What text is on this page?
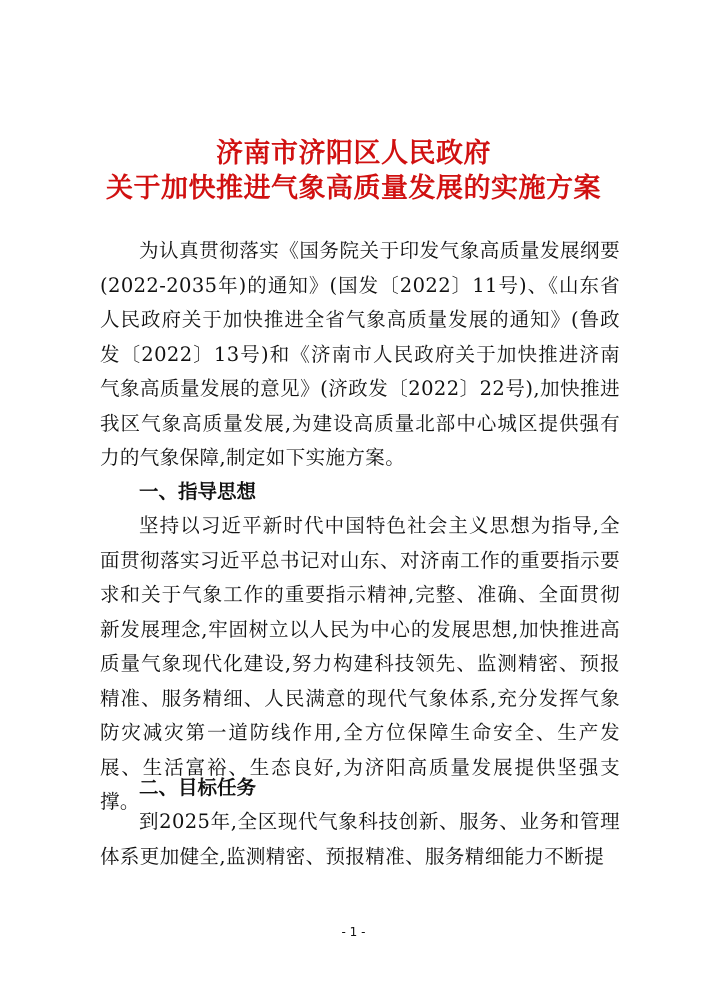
济南市济阳区人民政府
关于加快推进气象高质量发展的实施方案

为认真贯彻落实《国务院关于印发气象高质量发展纲要(2022-2035年)的通知》(国发〔2022〕11号)、《山东省人民政府关于加快推进全省气象高质量发展的通知》(鲁政发〔2022〕13号)和《济南市人民政府关于加快推进济南气象高质量发展的意见》(济政发〔2022〕22号),加快推进我区气象高质量发展,为建设高质量北部中心城区提供强有力的气象保障,制定如下实施方案。

一、指导思想

坚持以习近平新时代中国特色社会主义思想为指导,全面贯彻落实习近平总书记对山东、对济南工作的重要指示要求和关于气象工作的重要指示精神,完整、准确、全面贯彻新发展理念,牢固树立以人民为中心的发展思想,加快推进高质量气象现代化建设,努力构建科技领先、监测精密、预报精准、服务精细、人民满意的现代气象体系,充分发挥气象防灾减灾第一道防线作用,全方位保障生命安全、生产发展、生活富裕、生态良好,为济阳高质量发展提供坚强支撑。

二、目标任务

到2025年,全区现代气象科技创新、服务、业务和管理体系更加健全,监测精密、预报精准、服务精细能力不断提

- 1 -
